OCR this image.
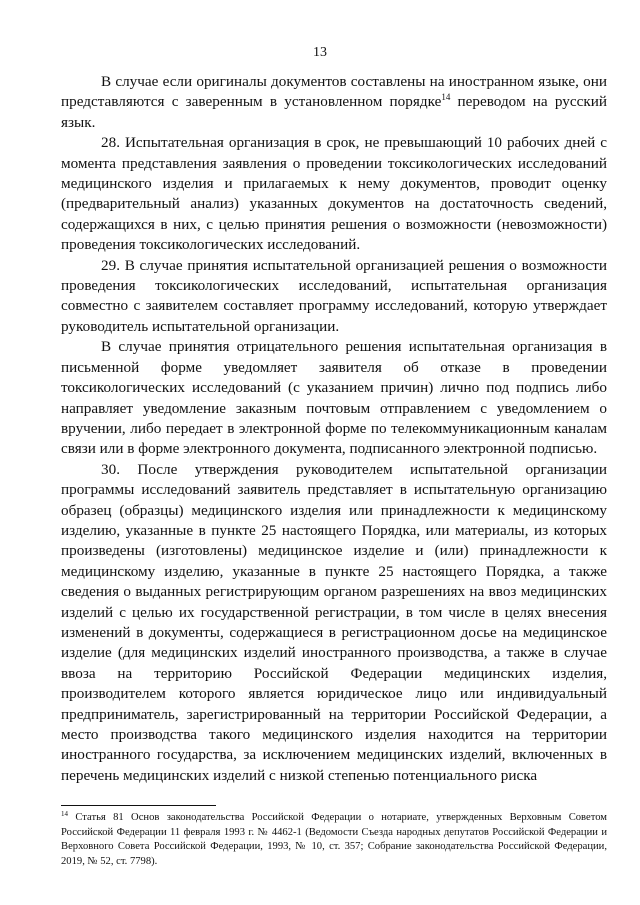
13

В случае если оригиналы документов составлены на иностранном языке, они представляются с заверенным в установленном порядке$^{14}$ переводом на русский язык.

28. Испытательная организация в срок, не превышающий 10 рабочих дней с момента представления заявления о проведении токсикологических исследований медицинского изделия и прилагаемых к нему документов, проводит оценку (предварительный анализ) указанных документов на достаточность сведений, содержащихся в них, с целью принятия решения о возможности (невозможности) проведения токсикологических исследований.

29. В случае принятия испытательной организацией решения о возможности проведения токсикологических исследований, испытательная организация совместно с заявителем составляет программу исследований, которую утверждает руководитель испытательной организации.

В случае принятия отрицательного решения испытательная организация в письменной форме уведомляет заявителя об отказе в проведении токсикологических исследований (с указанием причин) лично под подпись либо направляет уведомление заказным почтовым отправлением с уведомлением о вручении, либо передает в электронной форме по телекоммуникационным каналам связи или в форме электронного документа, подписанного электронной подписью.

30. После утверждения руководителем испытательной организации программы исследований заявитель представляет в испытательную организацию образец (образцы) медицинского изделия или принадлежности к медицинскому изделию, указанные в пункте 25 настоящего Порядка, или материалы, из которых произведены (изготовлены) медицинское изделие и (или) принадлежности к медицинскому изделию, указанные в пункте 25 настоящего Порядка, а также сведения о выданных регистрирующим органом разрешениях на ввоз медицинских изделий с целью их государственной регистрации, в том числе в целях внесения изменений в документы, содержащиеся в регистрационном досье на медицинское изделие (для медицинских изделий иностранного производства, а также в случае ввоза на территорию Российской Федерации медицинских изделия, производителем которого является юридическое лицо или индивидуальный предприниматель, зарегистрированный на территории Российской Федерации, а место производства такого медицинского изделия находится на территории иностранного государства, за исключением медицинских изделий, включенных в перечень медицинских изделий с низкой степенью потенциального риска

$^{14}$ Статья 81 Основ законодательства Российской Федерации о нотариате, утвержденных Верховным Советом Российской Федерации 11 февраля 1993 г. № 4462-1 (Ведомости Съезда народных депутатов Российской Федерации и Верховного Совета Российской Федерации, 1993, № 10, ст. 357; Собрание законодательства Российской Федерации, 2019, № 52, ст. 7798).
